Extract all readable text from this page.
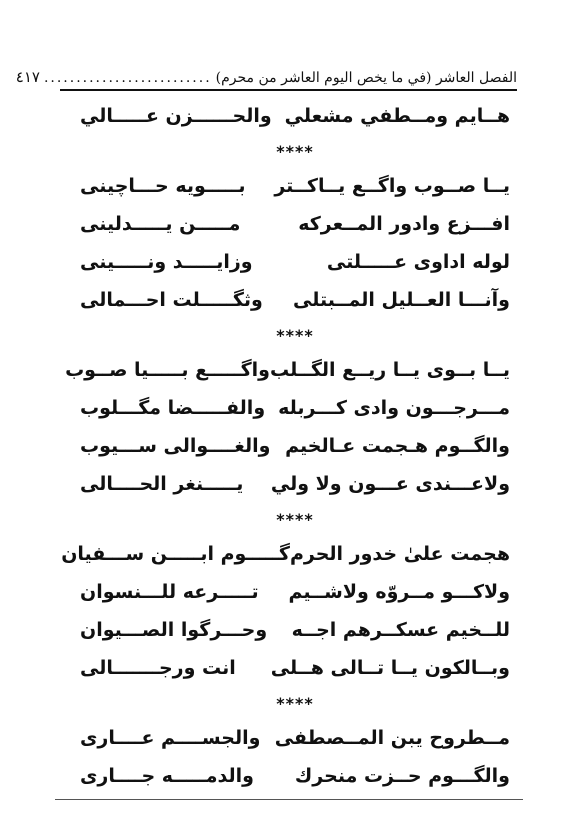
الفصل العاشر (في ما يخص اليوم العاشر من محرم)
..........................
٤١٧
هــايم ومــطفي مشعلي
والحــــــزن عـــــالي
****
يــا صــوب واگــع يــاكــتر
بـــــويه حـــاچينى
افـــزع وادور المــعركه
مـــــن يـــــدلينى
لوله اداوى عـــــلتى
وزايـــــد ونـــــينى
وآنـــا العــليل المــبتلى
وثگـــــلت احـــمالى
****
يــا بــوى يــا ريــع الگــلب
واگـــــع بـــــيا صــوب
مـــرجـــون وادى كـــربله
والفـــــضا مگـــلوب
والگــوم هـجمت عـالخيم
والغــــوالى ســـيوب
ولاعـــندى عـــون ولا ولي
يـــــنغر الحــــالى
****
هجمت علىٰ خدور الحرم
گـــــوم ابـــــن ســـفيان
ولاكـــو مــروّه ولاشــيم
تـــــرعه للـــنسوان
للــخيم عسكــرهم اجــه
وحـــرگوا الصـــيوان
وبــالكون يــا تــالى هــلى
انت ورجـــــــالى
****
مــطروح يبن المــصطفى
والجســــم عــــارى
والگـــوم حــزت منحرك
والدمـــــه جــــارى
